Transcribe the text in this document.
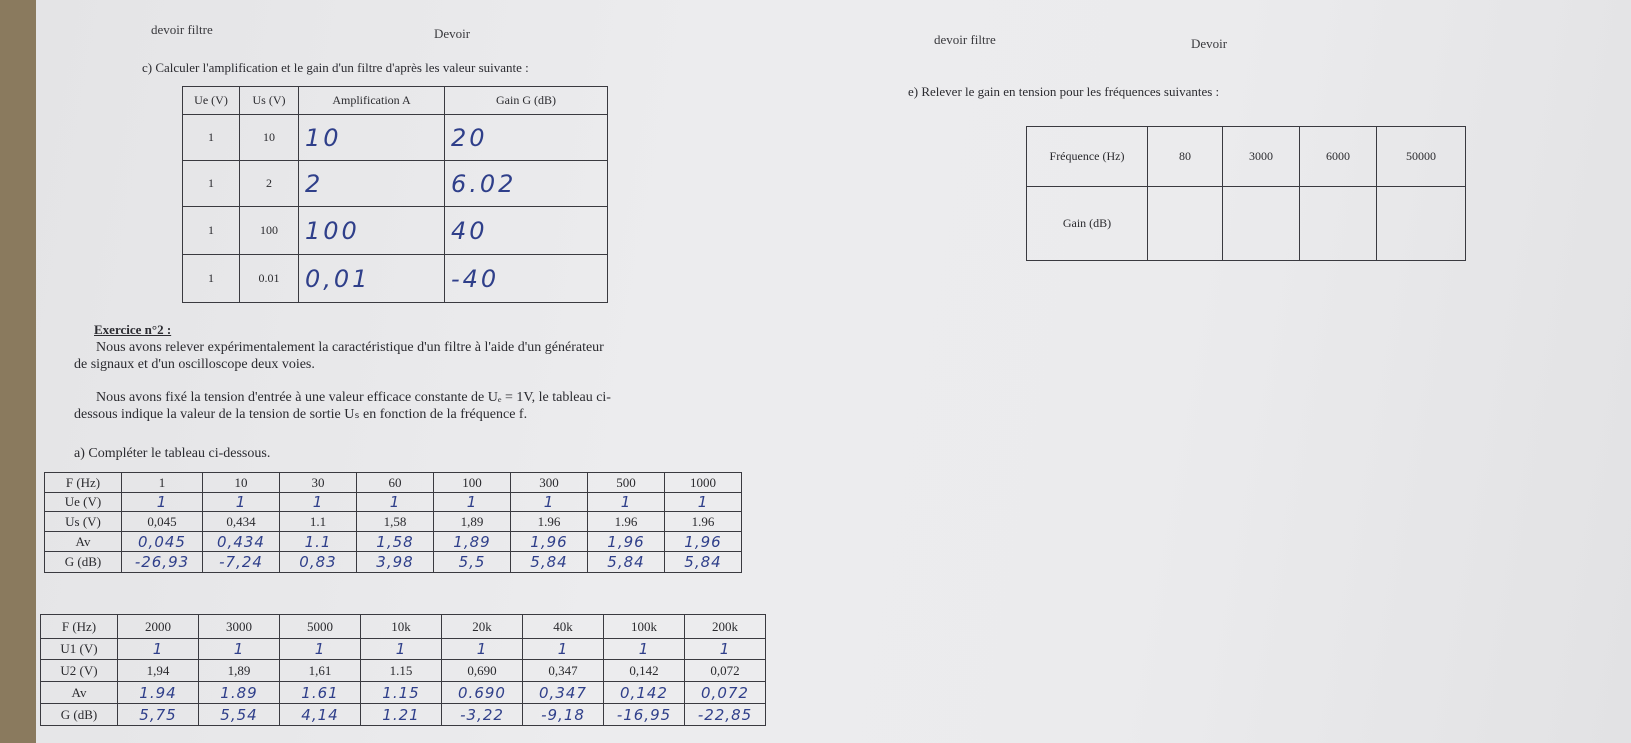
devoir filtre	Devoir	devoir filtre	Devoir
c) Calculer l'amplification et le gain d'un filtre d'après les valeur suivante :
Ue (V)	Us (V)	Amplification A	Gain G (dB)
1	10	10	20
1	2	2	6.02
1	100	100	40
1	0.01	0,01	-40
e) Relever le gain en tension pour les fréquences suivantes :
Fréquence (Hz)	80	3000	6000	50000
Gain (dB)				
Exercice n°2 :
Nous avons relever expérimentalement la caractéristique d'un filtre à l'aide d'un générateur
de signaux et d'un oscilloscope deux voies.
Nous avons fixé la tension d'entrée à une valeur efficace constante de Uₑ = 1V, le tableau ci-
dessous indique la valeur de la tension de sortie Uₛ en fonction de la fréquence f.
a) Compléter le tableau ci-dessous.
F (Hz)	1	10	30	60	100	300	500	1000
Ue (V)	1	1	1	1	1	1	1	1
Us (V)	0,045	0,434	1.1	1,58	1,89	1.96	1.96	1.96
Av	0,045	0,434	1.1	1,58	1,89	1,96	1,96	1,96
G (dB)	-26,93	-7,24	0,83	3,98	5,5	5,84	5,84	5,84
F (Hz)	2000	3000	5000	10k	20k	40k	100k	200k
U1 (V)	1	1	1	1	1	1	1	1
U2 (V)	1,94	1,89	1,61	1.15	0,690	0,347	0,142	0,072
Av	1.94	1.89	1.61	1.15	0.690	0,347	0,142	0,072
G (dB)	5,75	5,54	4,14	1.21	-3,22	-9,18	-16,95	-22,85
